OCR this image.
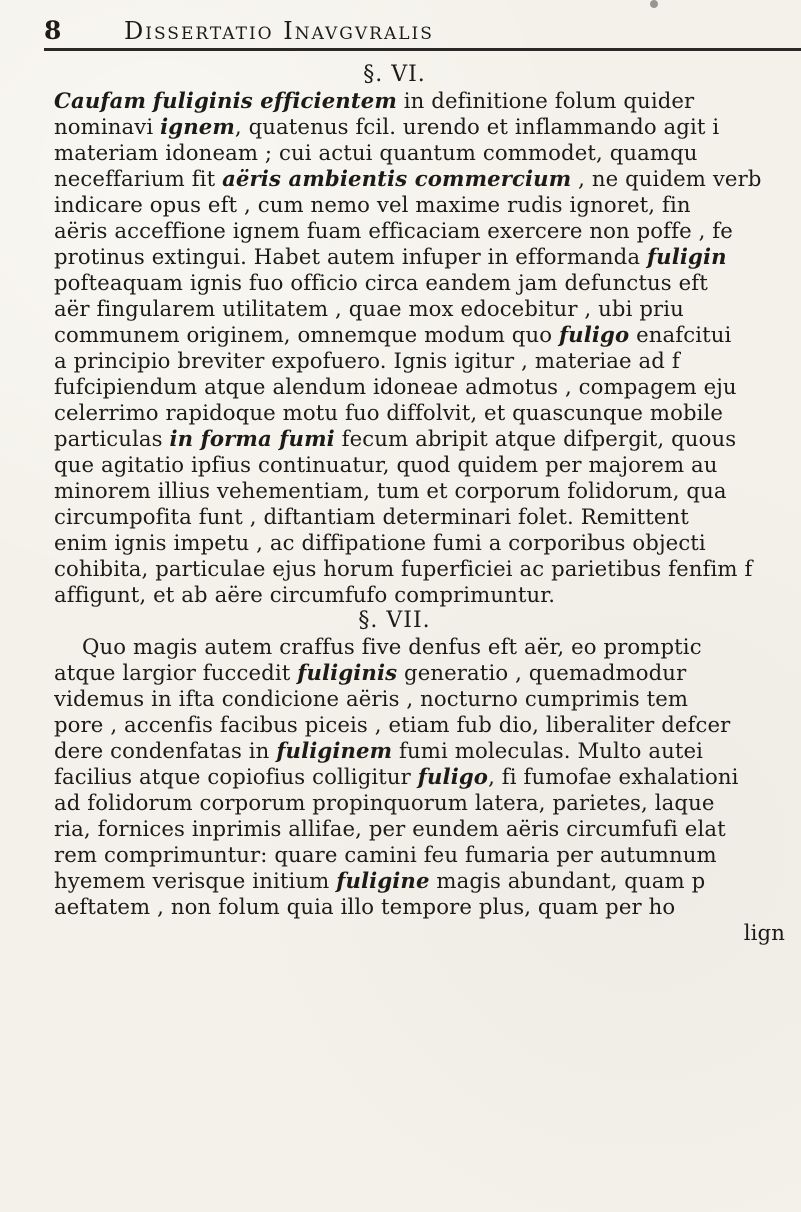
8	Dissertatio Inavgvralis
§. VI.
Caufam fuliginis efficientem in definitione folum quider
nominavi ignem, quatenus fcil. urendo et inflammando agit i
materiam idoneam ; cui actui quantum commodet, quamqu
neceffarium fit aëris ambientis commercium , ne quidem verb
indicare opus eft , cum nemo vel maxime rudis ignoret, fin
aëris acceffione ignem fuam efficaciam exercere non poffe , fe
protinus extingui. Habet autem infuper in efformanda fuligin
pofteaquam ignis fuo officio circa eandem jam defunctus eft
aër fingularem utilitatem , quae mox edocebitur , ubi priu
communem originem, omnemque modum quo fuligo enafcitui
a principio breviter expofuero. Ignis igitur , materiae ad f
fufcipiendum atque alendum idoneae admotus , compagem eju
celerrimo rapidoque motu fuo diffolvit, et quascunque mobile
particulas in forma fumi fecum abripit atque difpergit, quous
que agitatio ipfius continuatur, quod quidem per majorem au
minorem illius vehementiam, tum et corporum folidorum, qua
circumpofita funt , diftantiam determinari folet. Remittent
enim ignis impetu , ac diffipatione fumi a corporibus objecti
cohibita, particulae ejus horum fuperficiei ac parietibus fenfim f
affigunt, et ab aëre circumfufo comprimuntur.
§. VII.
Quo magis autem craffus five denfus eft aër, eo promptic
atque largior fuccedit fuliginis generatio , quemadmodur
videmus in ifta condicione aëris , nocturno cumprimis tem
pore , accenfis facibus piceis , etiam fub dio, liberaliter defcer
dere condenfatas in fuliginem fumi moleculas. Multo autei
facilius atque copiofius colligitur fuligo, fi fumofae exhalationi
ad folidorum corporum propinquorum latera, parietes, laque
ria, fornices inprimis allifae, per eundem aëris circumfufi elat
rem comprimuntur: quare camini feu fumaria per autumnum
hyemem verisque initium fuligine magis abundant, quam p
aeftatem , non folum quia illo tempore plus, quam per ho
lign
